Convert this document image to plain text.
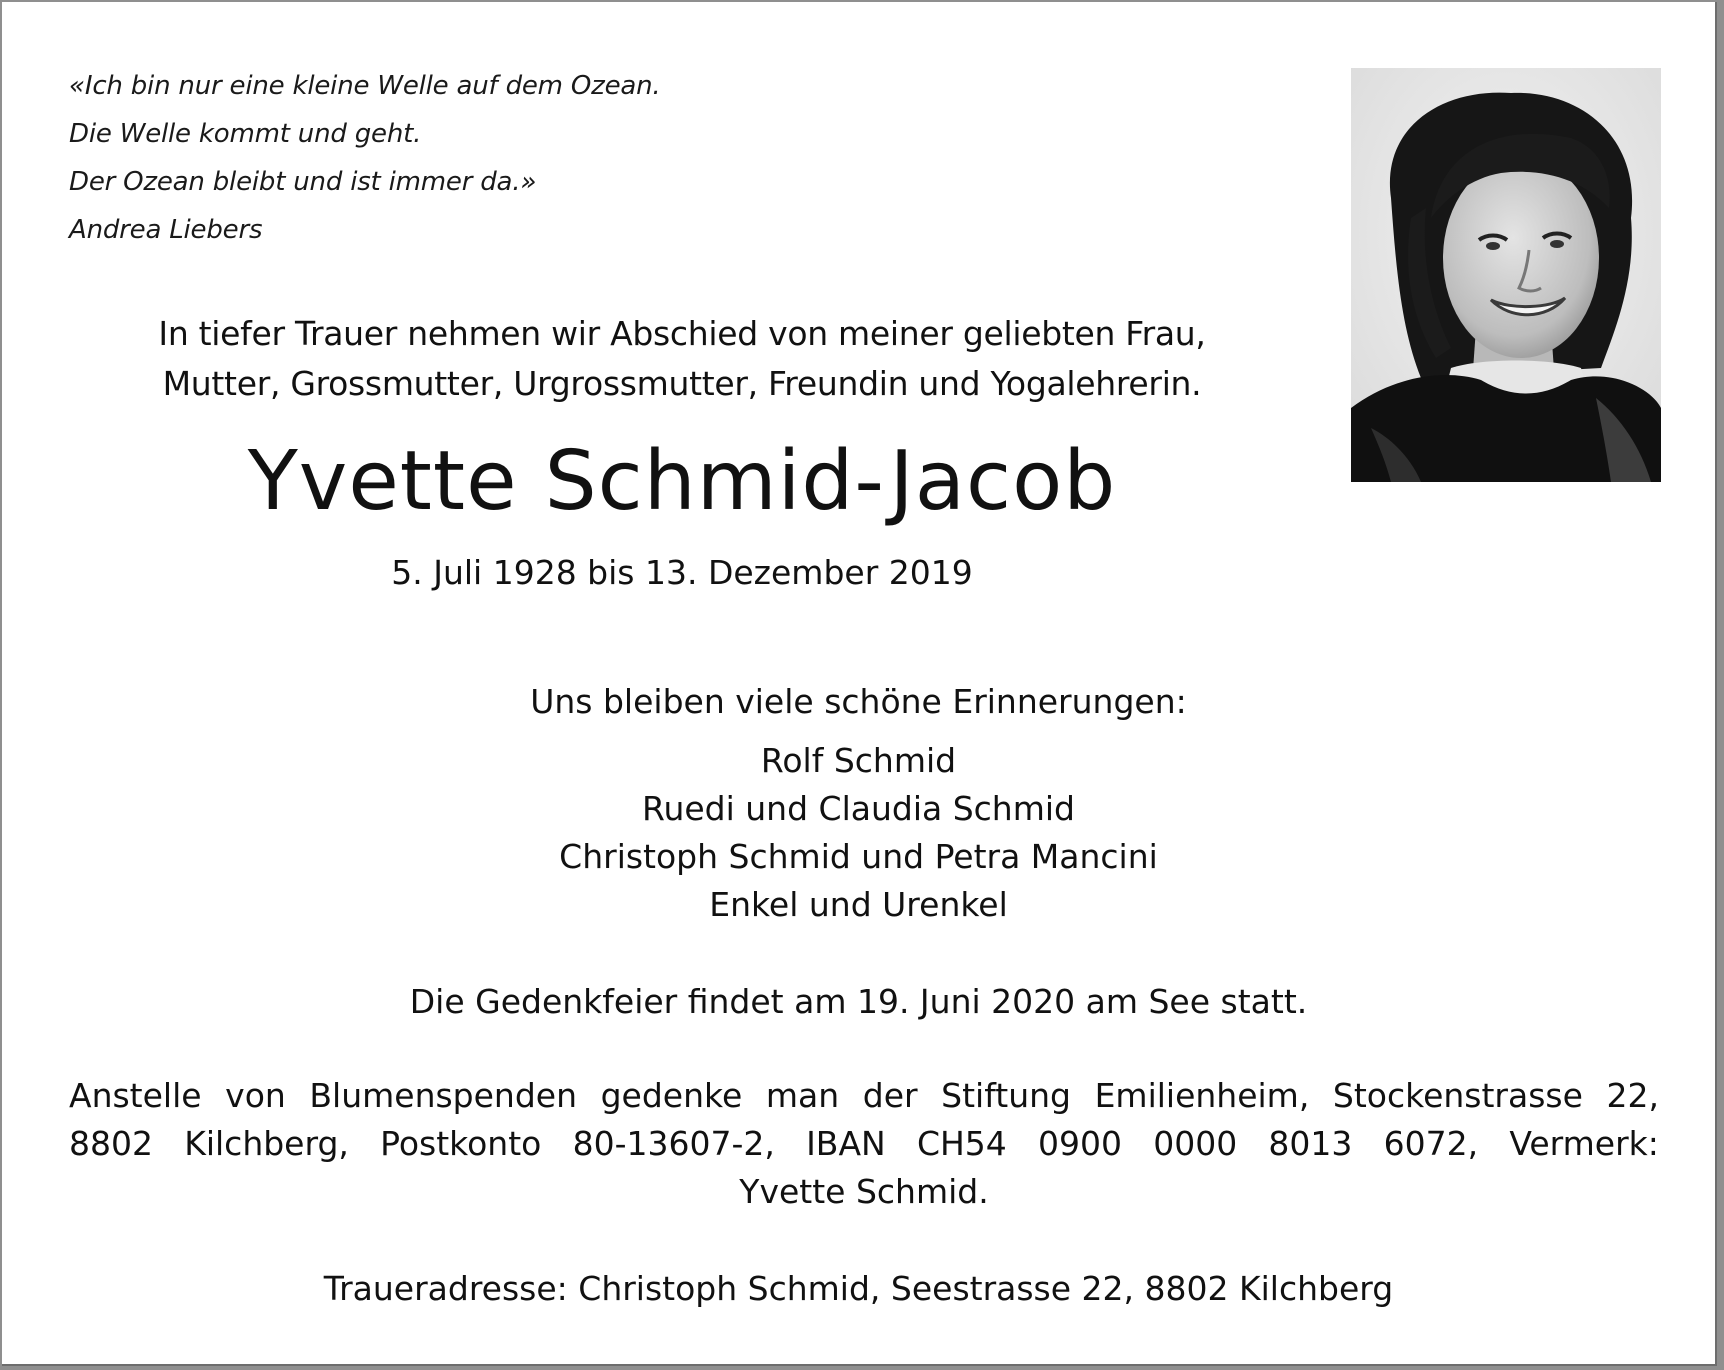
«Ich bin nur eine kleine Welle auf dem Ozean.
Die Welle kommt und geht.
Der Ozean bleibt und ist immer da.»
Andrea Liebers
In tiefer Trauer nehmen wir Abschied von meiner geliebten Frau,
Mutter, Grossmutter, Urgrossmutter, Freundin und Yogalehrerin.
Yvette Schmid-Jacob
5. Juli 1928 bis 13. Dezember 2019
Uns bleiben viele schöne Erinnerungen:
Rolf Schmid
Ruedi und Claudia Schmid
Christoph Schmid und Petra Mancini
Enkel und Urenkel
Die Gedenkfeier findet am 19. Juni 2020 am See statt.
Anstelle von Blumenspenden gedenke man der Stiftung Emilienheim, Stockenstrasse 22,
8802 Kilchberg, Postkonto 80-13607-2, IBAN CH54 0900 0000 8013 6072, Vermerk:
Yvette Schmid.
Traueradresse: Christoph Schmid, Seestrasse 22, 8802 Kilchberg
